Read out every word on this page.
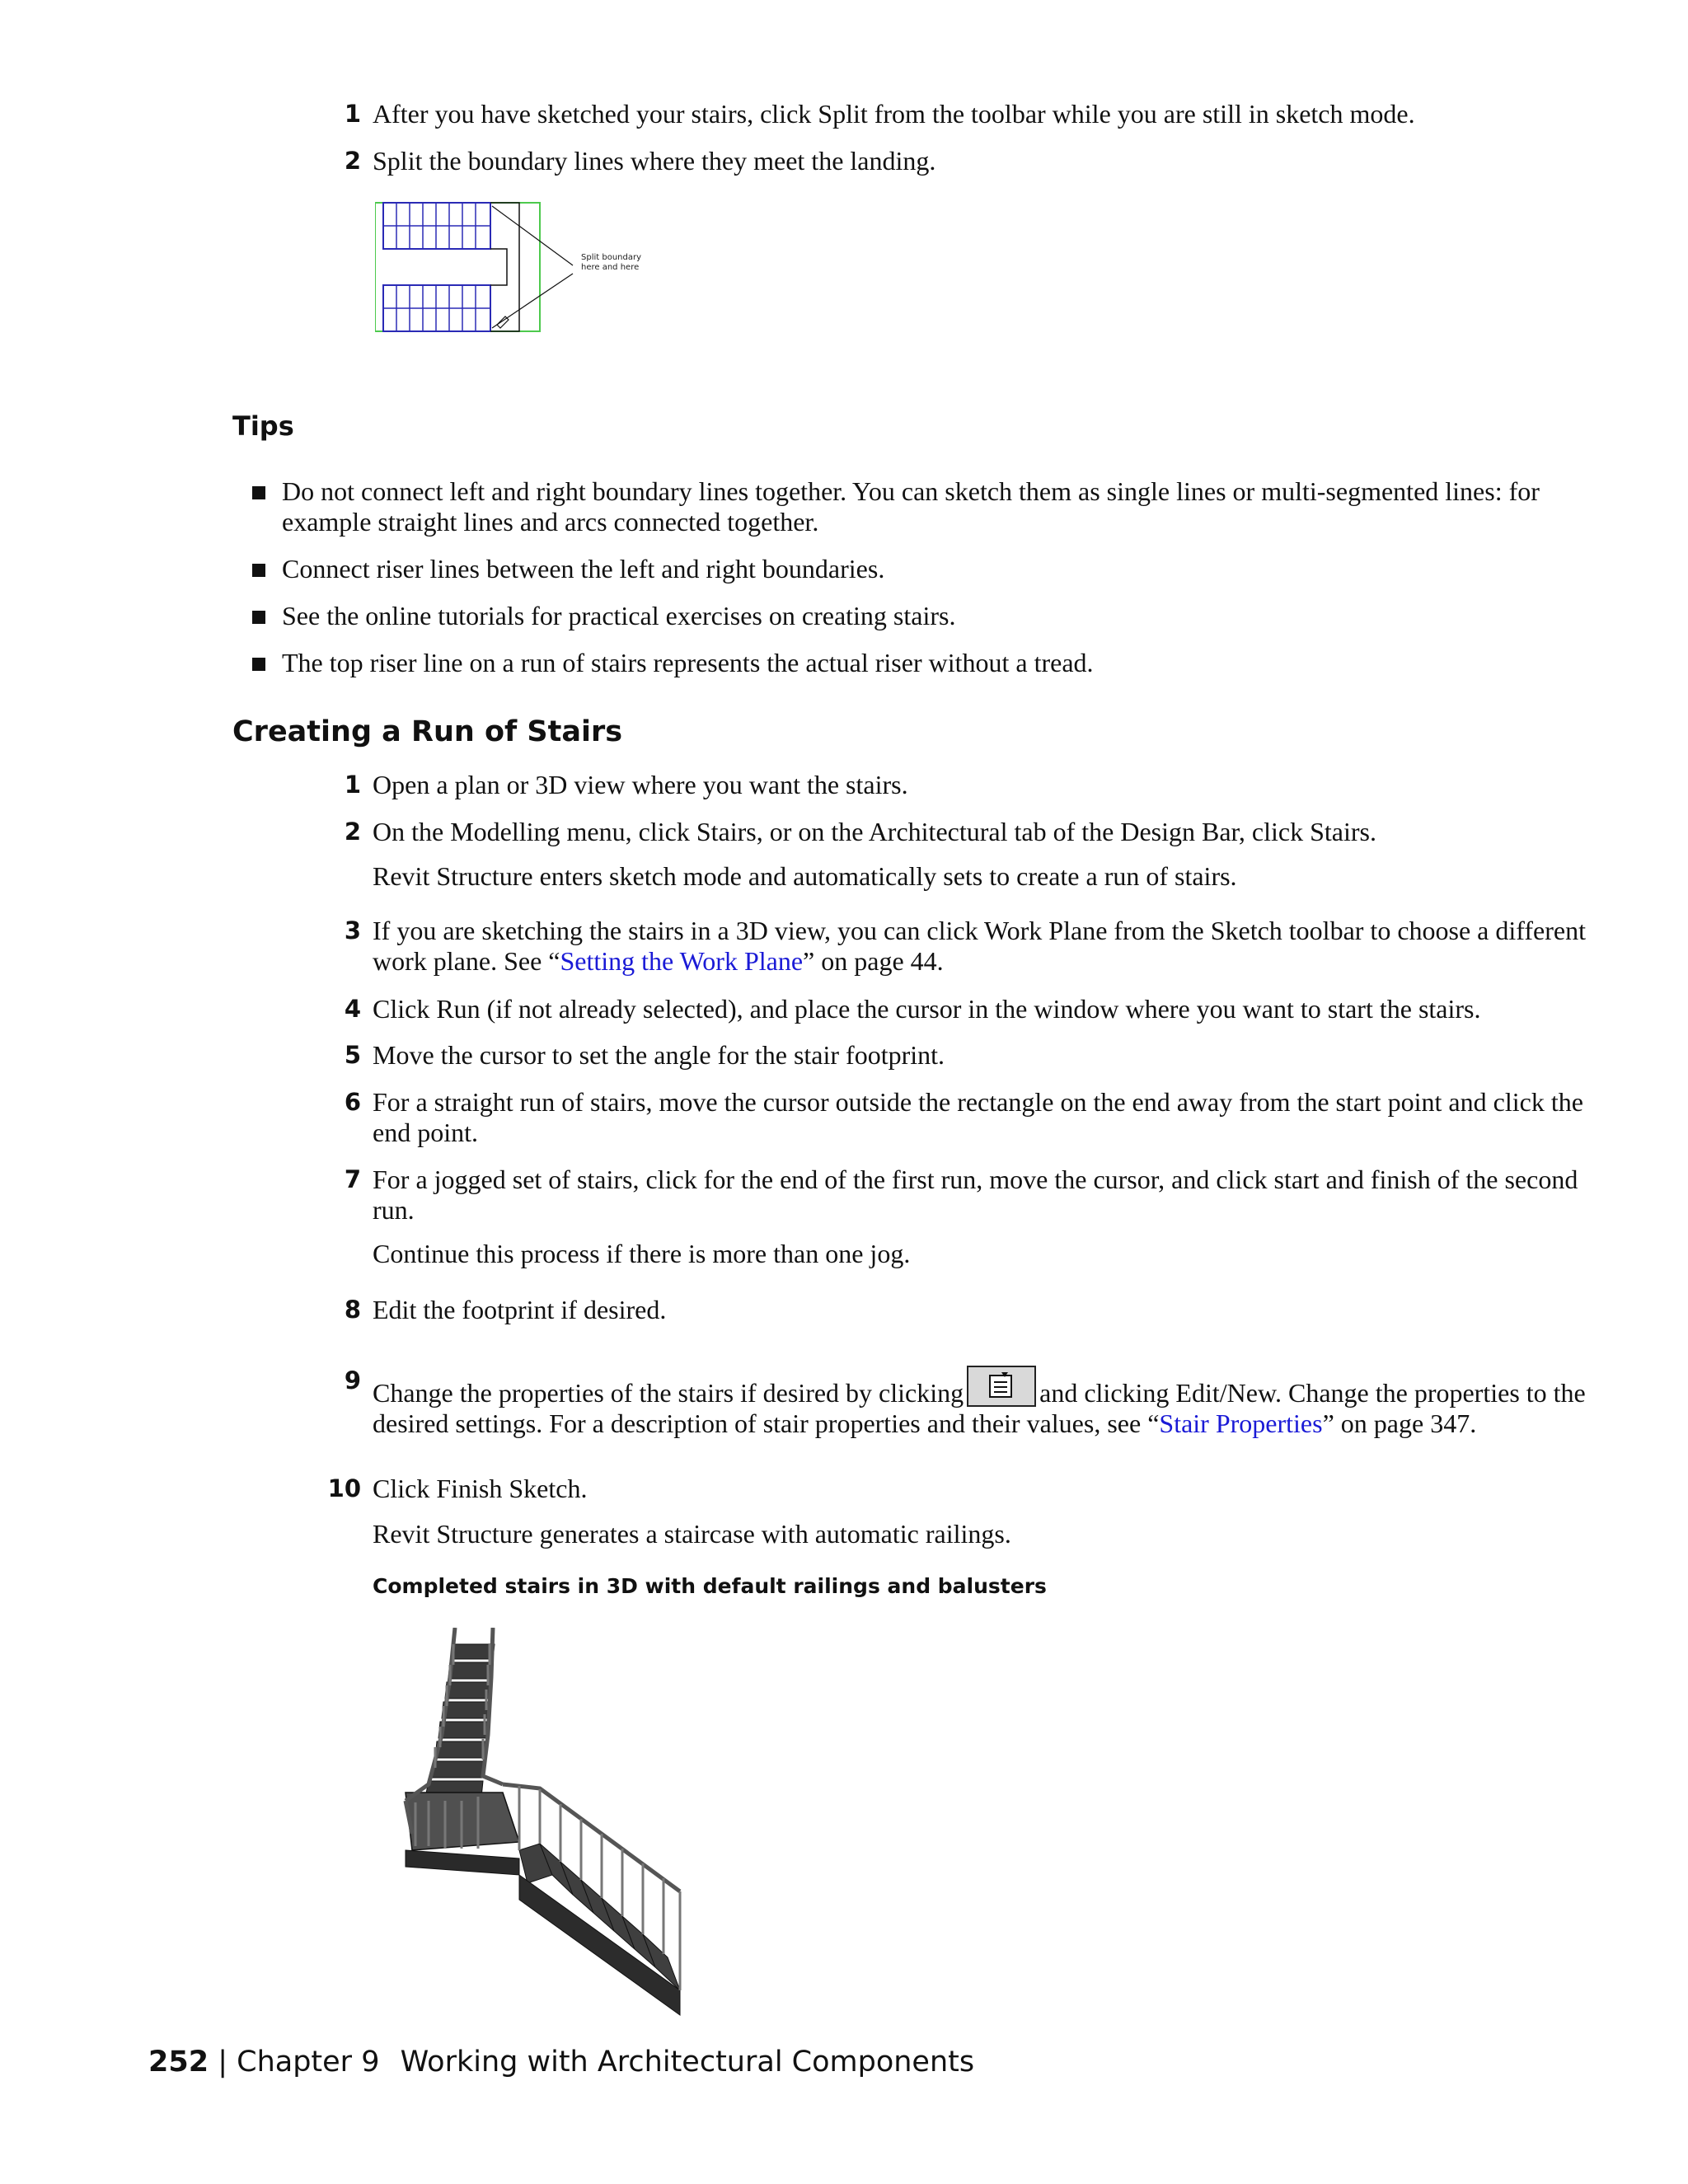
1 After you have sketched your stairs, click Split from the toolbar while you are still in sketch mode.
2 Split the boundary lines where they meet the landing.
Split boundary
here and here
Tips
Do not connect left and right boundary lines together. You can sketch them as single lines or multi-segmented lines: for example straight lines and arcs connected together.
Connect riser lines between the left and right boundaries.
See the online tutorials for practical exercises on creating stairs.
The top riser line on a run of stairs represents the actual riser without a tread.
Creating a Run of Stairs
1 Open a plan or 3D view where you want the stairs.
2 On the Modelling menu, click Stairs, or on the Architectural tab of the Design Bar, click Stairs.
Revit Structure enters sketch mode and automatically sets to create a run of stairs.
3 If you are sketching the stairs in a 3D view, you can click Work Plane from the Sketch toolbar to choose a different work plane. See “Setting the Work Plane” on page 44.
4 Click Run (if not already selected), and place the cursor in the window where you want to start the stairs.
5 Move the cursor to set the angle for the stair footprint.
6 For a straight run of stairs, move the cursor outside the rectangle on the end away from the start point and click the end point.
7 For a jogged set of stairs, click for the end of the first run, move the cursor, and click start and finish of the second run.
Continue this process if there is more than one jog.
8 Edit the footprint if desired.
9 Change the properties of the stairs if desired by clicking	and clicking Edit/New. Change the properties to the desired settings. For a description of stair properties and their values, see “Stair Properties” on page 347.
10 Click Finish Sketch.
Revit Structure generates a staircase with automatic railings.
Completed stairs in 3D with default railings and balusters
252 | Chapter 9 Working with Architectural Components
